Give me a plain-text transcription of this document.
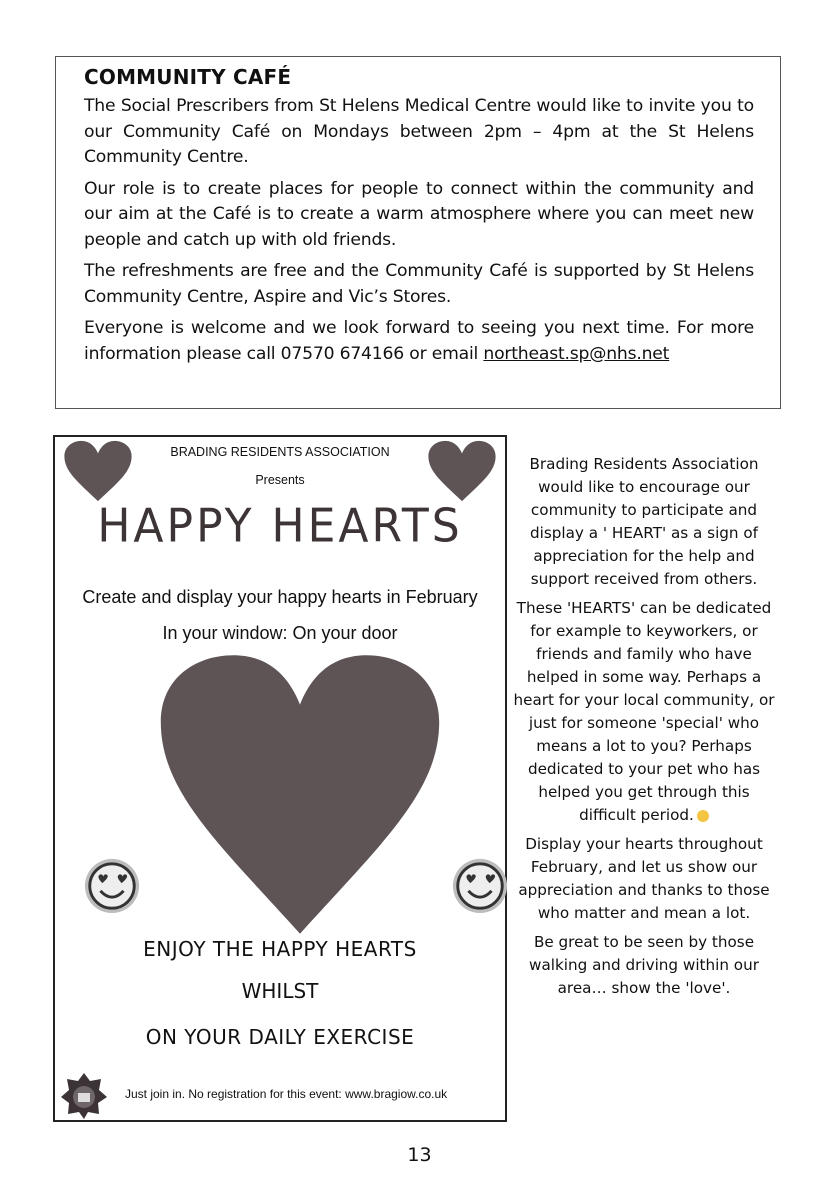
COMMUNITY CAFÉ

The Social Prescribers from St Helens Medical Centre would like to invite you to our Community Café on Mondays between 2pm – 4pm at the St Helens Community Centre.

Our role is to create places for people to connect within the community and our aim at the Café is to create a warm atmosphere where you can meet new people and catch up with old friends.

The refreshments are free and the Community Café is supported by St Helens Community Centre, Aspire and Vic’s Stores.

Everyone is welcome and we look forward to seeing you next time. For more information please call 07570 674166 or email northeast.sp@nhs.net

BRADING RESIDENTS ASSOCIATION
Presents
HAPPY HEARTS
Create and display your happy hearts in February
In your window: On your door
ENJOY THE HAPPY HEARTS
WHILST
ON YOUR DAILY EXERCISE
Just join in. No registration for this event: www.bragiow.co.uk

Brading Residents Association would like to encourage our community to participate and display a ' HEART' as a sign of appreciation for the help and support received from others.

These 'HEARTS' can be dedicated for example to keyworkers, or friends and family who have helped in some way. Perhaps a heart for your local community, or just for someone 'special' who means a lot to you? Perhaps dedicated to your pet who has helped you get through this difficult period.

Display your hearts throughout February, and let us show our appreciation and thanks to those who matter and mean a lot.

Be great to be seen by those walking and driving within our area… show the 'love'.

13
